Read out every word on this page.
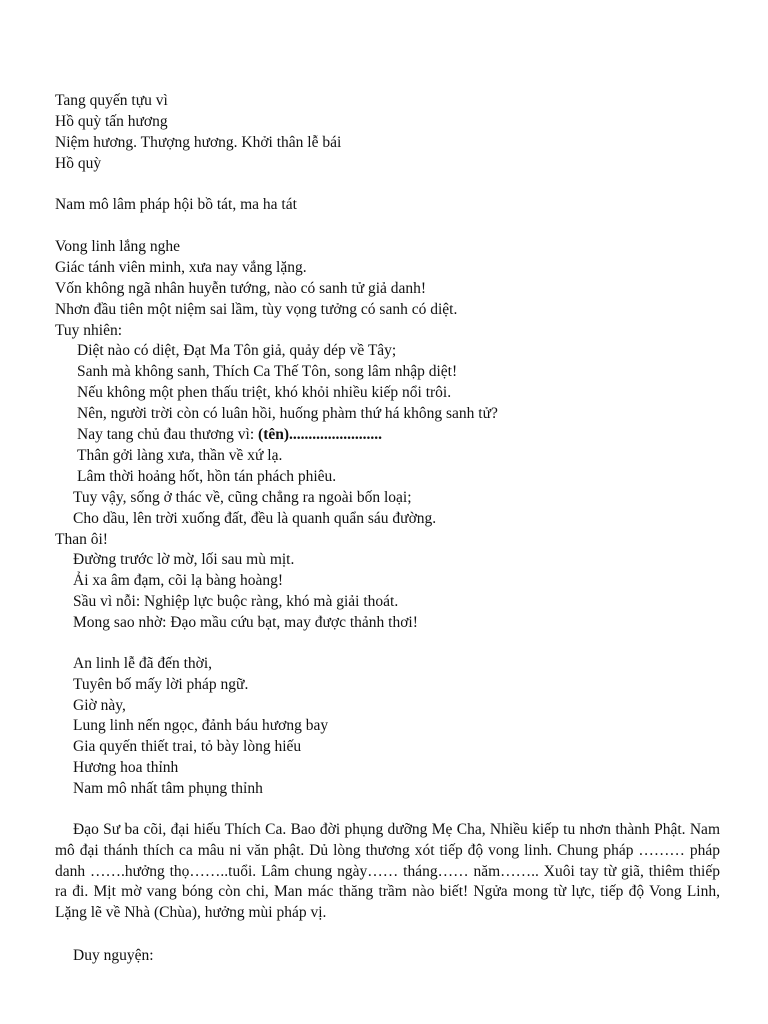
Tang quyến tựu vì
Hồ quỳ tấn hương
Niệm hương. Thượng hương. Khởi thân lễ bái
Hồ quỳ
Nam mô lâm pháp hội bồ tát, ma ha tát
Vong linh lắng nghe
Giác tánh viên minh, xưa nay vắng lặng.
Vốn không ngã nhân huyễn tướng, nào có sanh tử giả danh!
Nhơn đầu tiên một niệm sai lầm, tùy vọng tưởng có sanh có diệt.
Tuy nhiên:
Diệt nào có diệt, Đạt Ma Tôn giả, quảy dép về Tây;
Sanh mà không sanh, Thích Ca Thế Tôn, song lâm nhập diệt!
Nếu không một phen thấu triệt, khó khỏi nhiều kiếp nổi trôi.
Nên, người trời còn có luân hồi, huống phàm thứ há không sanh tử?
Nay tang chủ đau thương vì: (tên)........................
Thân gởi làng xưa, thần về xứ lạ.
Lâm thời hoảng hốt, hồn tán phách phiêu.
Tuy vậy, sống ở thác về, cũng chẳng ra ngoài bốn loại;
Cho dầu, lên trời xuống đất, đều là quanh quẩn sáu đường.
Than ôi!
Đường trước lờ mờ, lối sau mù mịt.
Ải xa âm đạm, cõi lạ bàng hoàng!
Sầu vì nỗi: Nghiệp lực buộc ràng, khó mà giải thoát.
Mong sao nhờ: Đạo mầu cứu bạt, may được thảnh thơi!
An linh lễ đã đến thời,
Tuyên bố mấy lời pháp ngữ.
Giờ này,
Lung linh nến ngọc, đảnh báu hương bay
Gia quyến thiết trai, tỏ bày lòng hiếu
Hương hoa thỉnh
Nam mô nhất tâm phụng thỉnh
Đạo Sư ba cõi, đại hiếu Thích Ca. Bao đời phụng dưỡng Mẹ Cha, Nhiều kiếp tu nhơn thành Phật. Nam mô đại thánh thích ca mâu ni văn phật. Dủ lòng thương xót tiếp độ vong linh. Chung pháp ……… pháp danh …….hưởng thọ……..tuổi. Lâm chung ngày…… tháng…… năm…….. Xuôi tay từ giã, thiêm thiếp ra đi. Mịt mờ vang bóng còn chi, Man mác thăng trầm nào biết! Ngửa mong từ lực, tiếp độ Vong Linh, Lặng lẽ về Nhà (Chùa), hưởng mùi pháp vị.
Duy nguyện:
